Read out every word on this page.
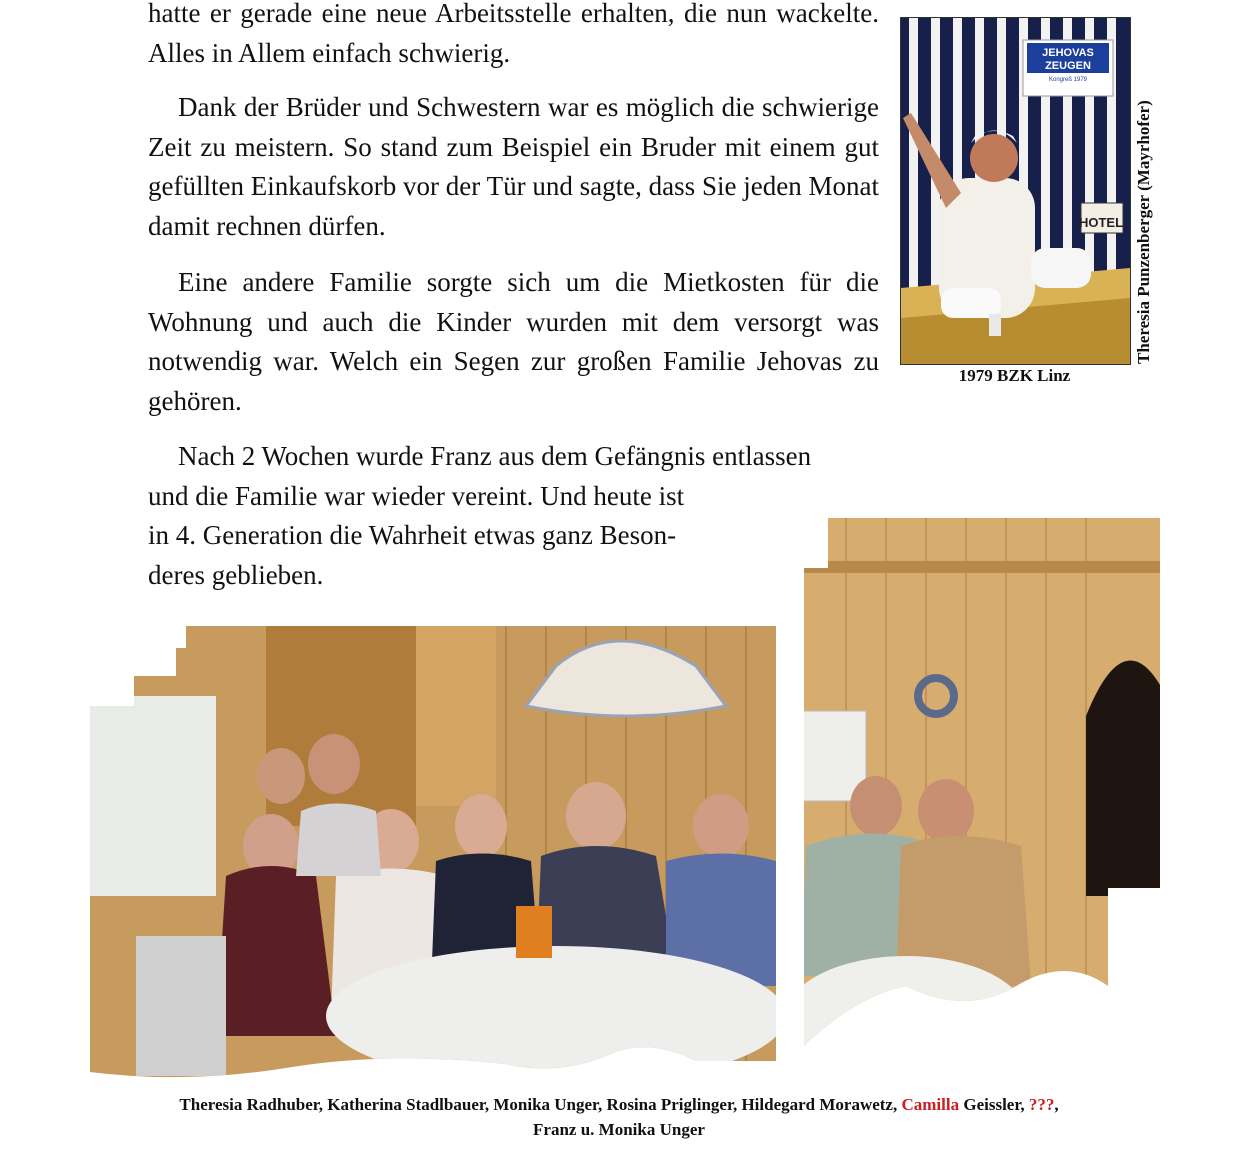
hatte er gerade eine neue Arbeitsstelle erhalten, die nun wackelte. Alles in Allem einfach schwierig.

Dank der Brüder und Schwestern war es möglich die schwierige Zeit zu meistern. So stand zum Beispiel ein Bruder mit einem gut gefüllten Einkaufskorb vor der Tür und sagte, dass Sie jeden Monat damit rechnen dürfen.

Eine andere Familie sorgte sich um die Mietkosten für die Wohnung und auch die Kinder wurden mit dem versorgt was notwendig war. Welch ein Segen zur großen Familie Jehovas zu gehören.

Nach 2 Wochen wurde Franz aus dem Gefängnis entlassen
und die Familie war wieder vereint. Und heute ist
in 4. Generation die Wahrheit etwas ganz Beson-
deres geblieben.
JEHOVAS
ZEUGEN
Kongreß 1979
HOTEL Theresia Punzenberger (Mayrhofer)
1979 BZK Linz
Theresia Radhuber, Katherina Stadlbauer, Monika Unger, Rosina Priglinger, Hildegard Morawetz, Camilla Geissler, ???,
Franz u. Monika Unger
